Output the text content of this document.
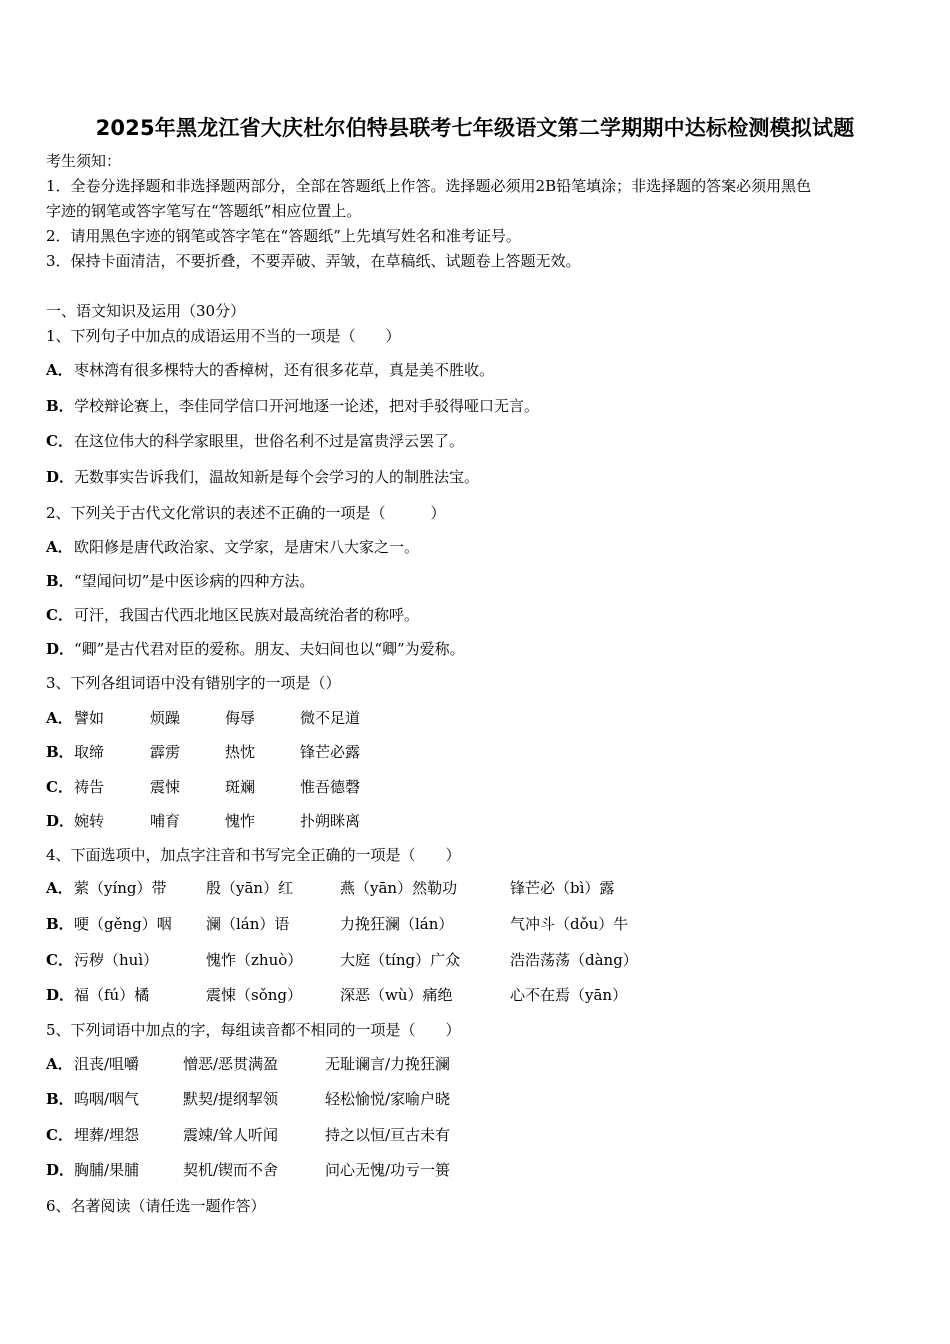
2025年黑龙江省大庆杜尔伯特县联考七年级语文第二学期期中达标检测模拟试题
考生须知：
1．全卷分选择题和非选择题两部分，全部在答题纸上作答。选择题必须用2B铅笔填涂；非选择题的答案必须用黑色
字迹的钢笔或答字笔写在“答题纸”相应位置上。
2．请用黑色字迹的钢笔或答字笔在“答题纸”上先填写姓名和准考证号。
3．保持卡面清洁，不要折叠，不要弄破、弄皱，在草稿纸、试题卷上答题无效。
一、语文知识及运用（30分）
1、下列句子中加点的成语运用不当的一项是（　　）
A．枣林湾有很多棵特大的香樟树，还有很多花草，真是美不胜收。
B．学校辩论赛上，李佳同学信口开河地逐一论述，把对手驳得哑口无言。
C．在这位伟大的科学家眼里，世俗名利不过是富贵浮云罢了。
D．无数事实告诉我们，温故知新是每个会学习的人的制胜法宝。
2、下列关于古代文化常识的表述不正确的一项是（　　　）
A．欧阳修是唐代政治家、文学家，是唐宋八大家之一。
B．“望闻问切”是中医诊病的四种方法。
C．可汗，我国古代西北地区民族对最高统治者的称呼。
D．“卿”是古代君对臣的爱称。朋友、夫妇间也以“卿”为爱称。
3、下列各组词语中没有错别字的一项是（）
A． 譬如	烦躁	侮辱	微不足道
B． 取缔	霹雳	热忱	锋芒必露
C． 祷告	震悚	斑斓	惟吾德磬
D． 婉转	哺育	愧怍	扑朔眯离
4、下面选项中，加点字注音和书写完全正确的一项是（　　）
A． 萦（yíng）带	殷（yān）红	燕（yān）然勒功	锋芒必（bì）露
B． 哽（gěng）咽 澜（lán）语	力挽狂澜（lán）	气冲斗（dǒu）牛
C． 污秽（huì）	愧怍（zhuò）	大庭（tíng）广众	浩浩荡荡（dàng）
D． 福（fú）橘	震悚（sǒng）	深恶（wù）痛绝	心不在焉（yān）
5、下列词语中加点的字，每组读音都不相同的一项是（　　）
A． 沮丧/咀嚼	憎恶/恶贯满盈	无耻谰言/力挽狂澜
B． 呜咽/咽气	默契/提纲挈领	轻松愉悦/家喻户晓
C． 埋葬/埋怨	震竦/耸人听闻	持之以恒/亘古未有
D． 胸脯/果脯	契机/锲而不舍	问心无愧/功亏一篑
6、名著阅读（请任选一题作答）
